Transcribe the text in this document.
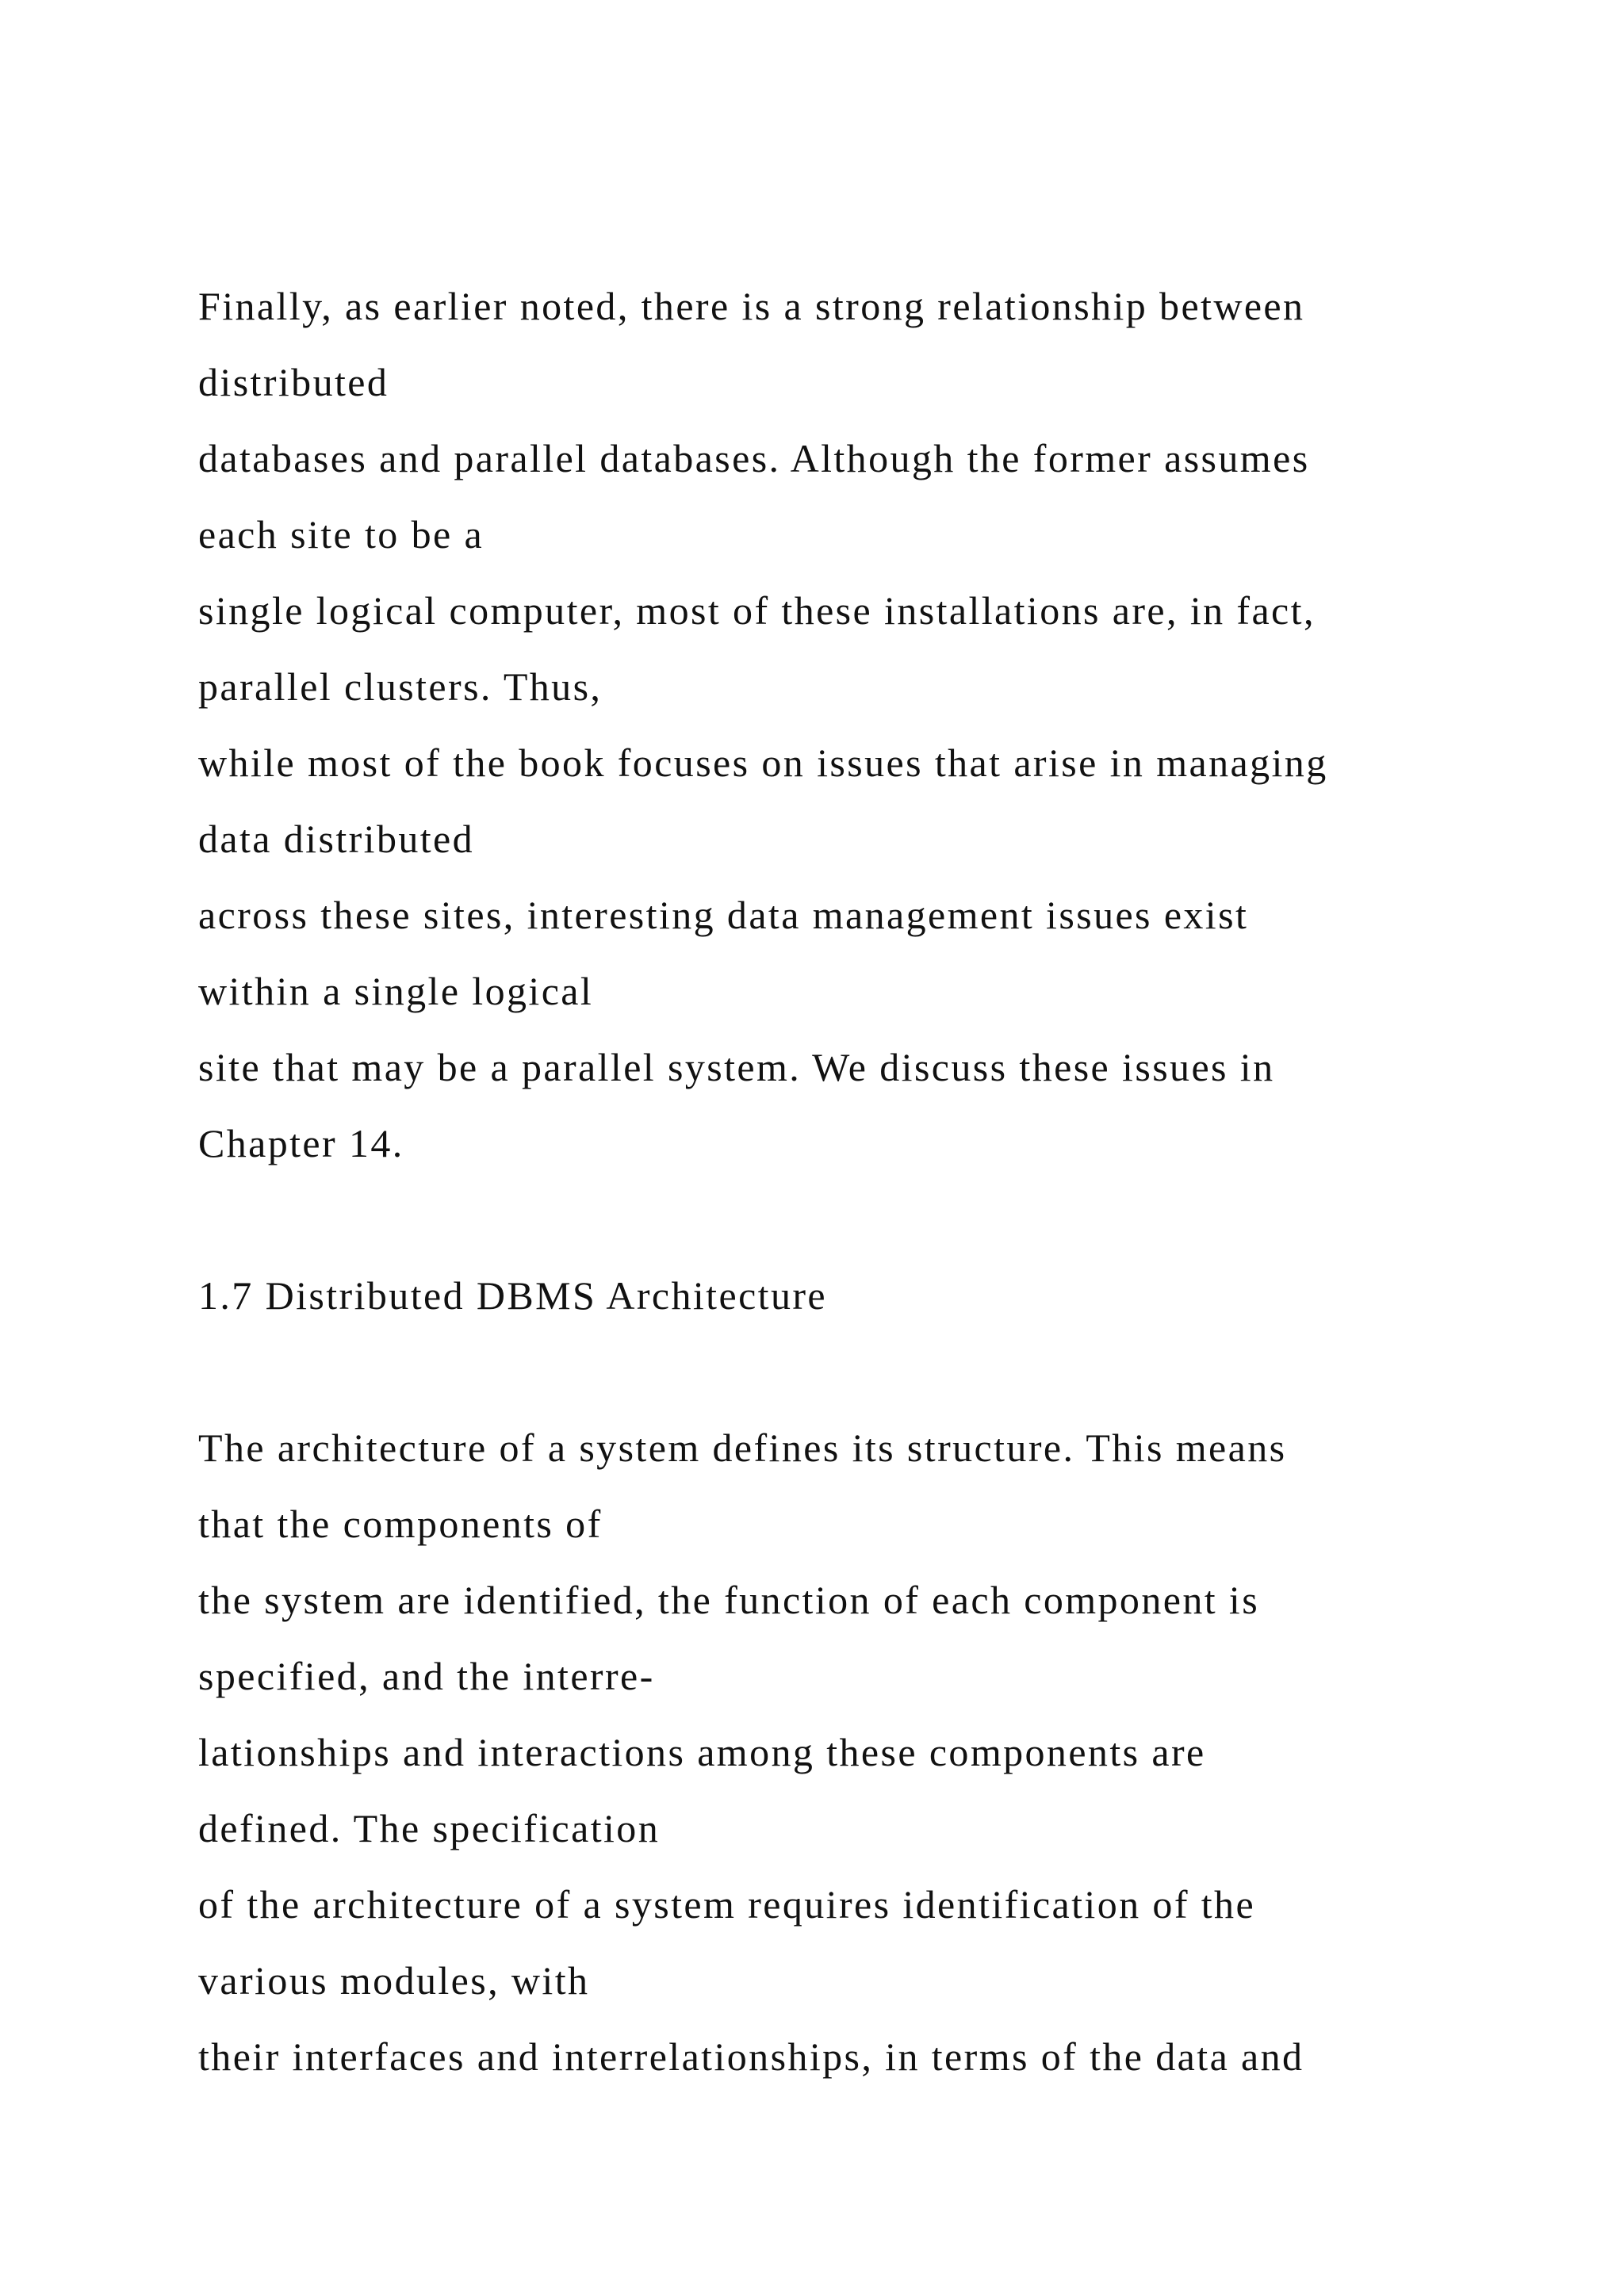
Finally, as earlier noted, there is a strong relationship between
distributed
databases and parallel databases. Although the former assumes
each site to be a
single logical computer, most of these installations are, in fact,
parallel clusters. Thus,
while most of the book focuses on issues that arise in managing
data distributed
across these sites, interesting data management issues exist
within a single logical
site that may be a parallel system. We discuss these issues in
Chapter 14.
1.7 Distributed DBMS Architecture
The architecture of a system defines its structure. This means
that the components of
the system are identified, the function of each component is
specified, and the interre-
lationships and interactions among these components are
defined. The specification
of the architecture of a system requires identification of the
various modules, with
their interfaces and interrelationships, in terms of the data and
